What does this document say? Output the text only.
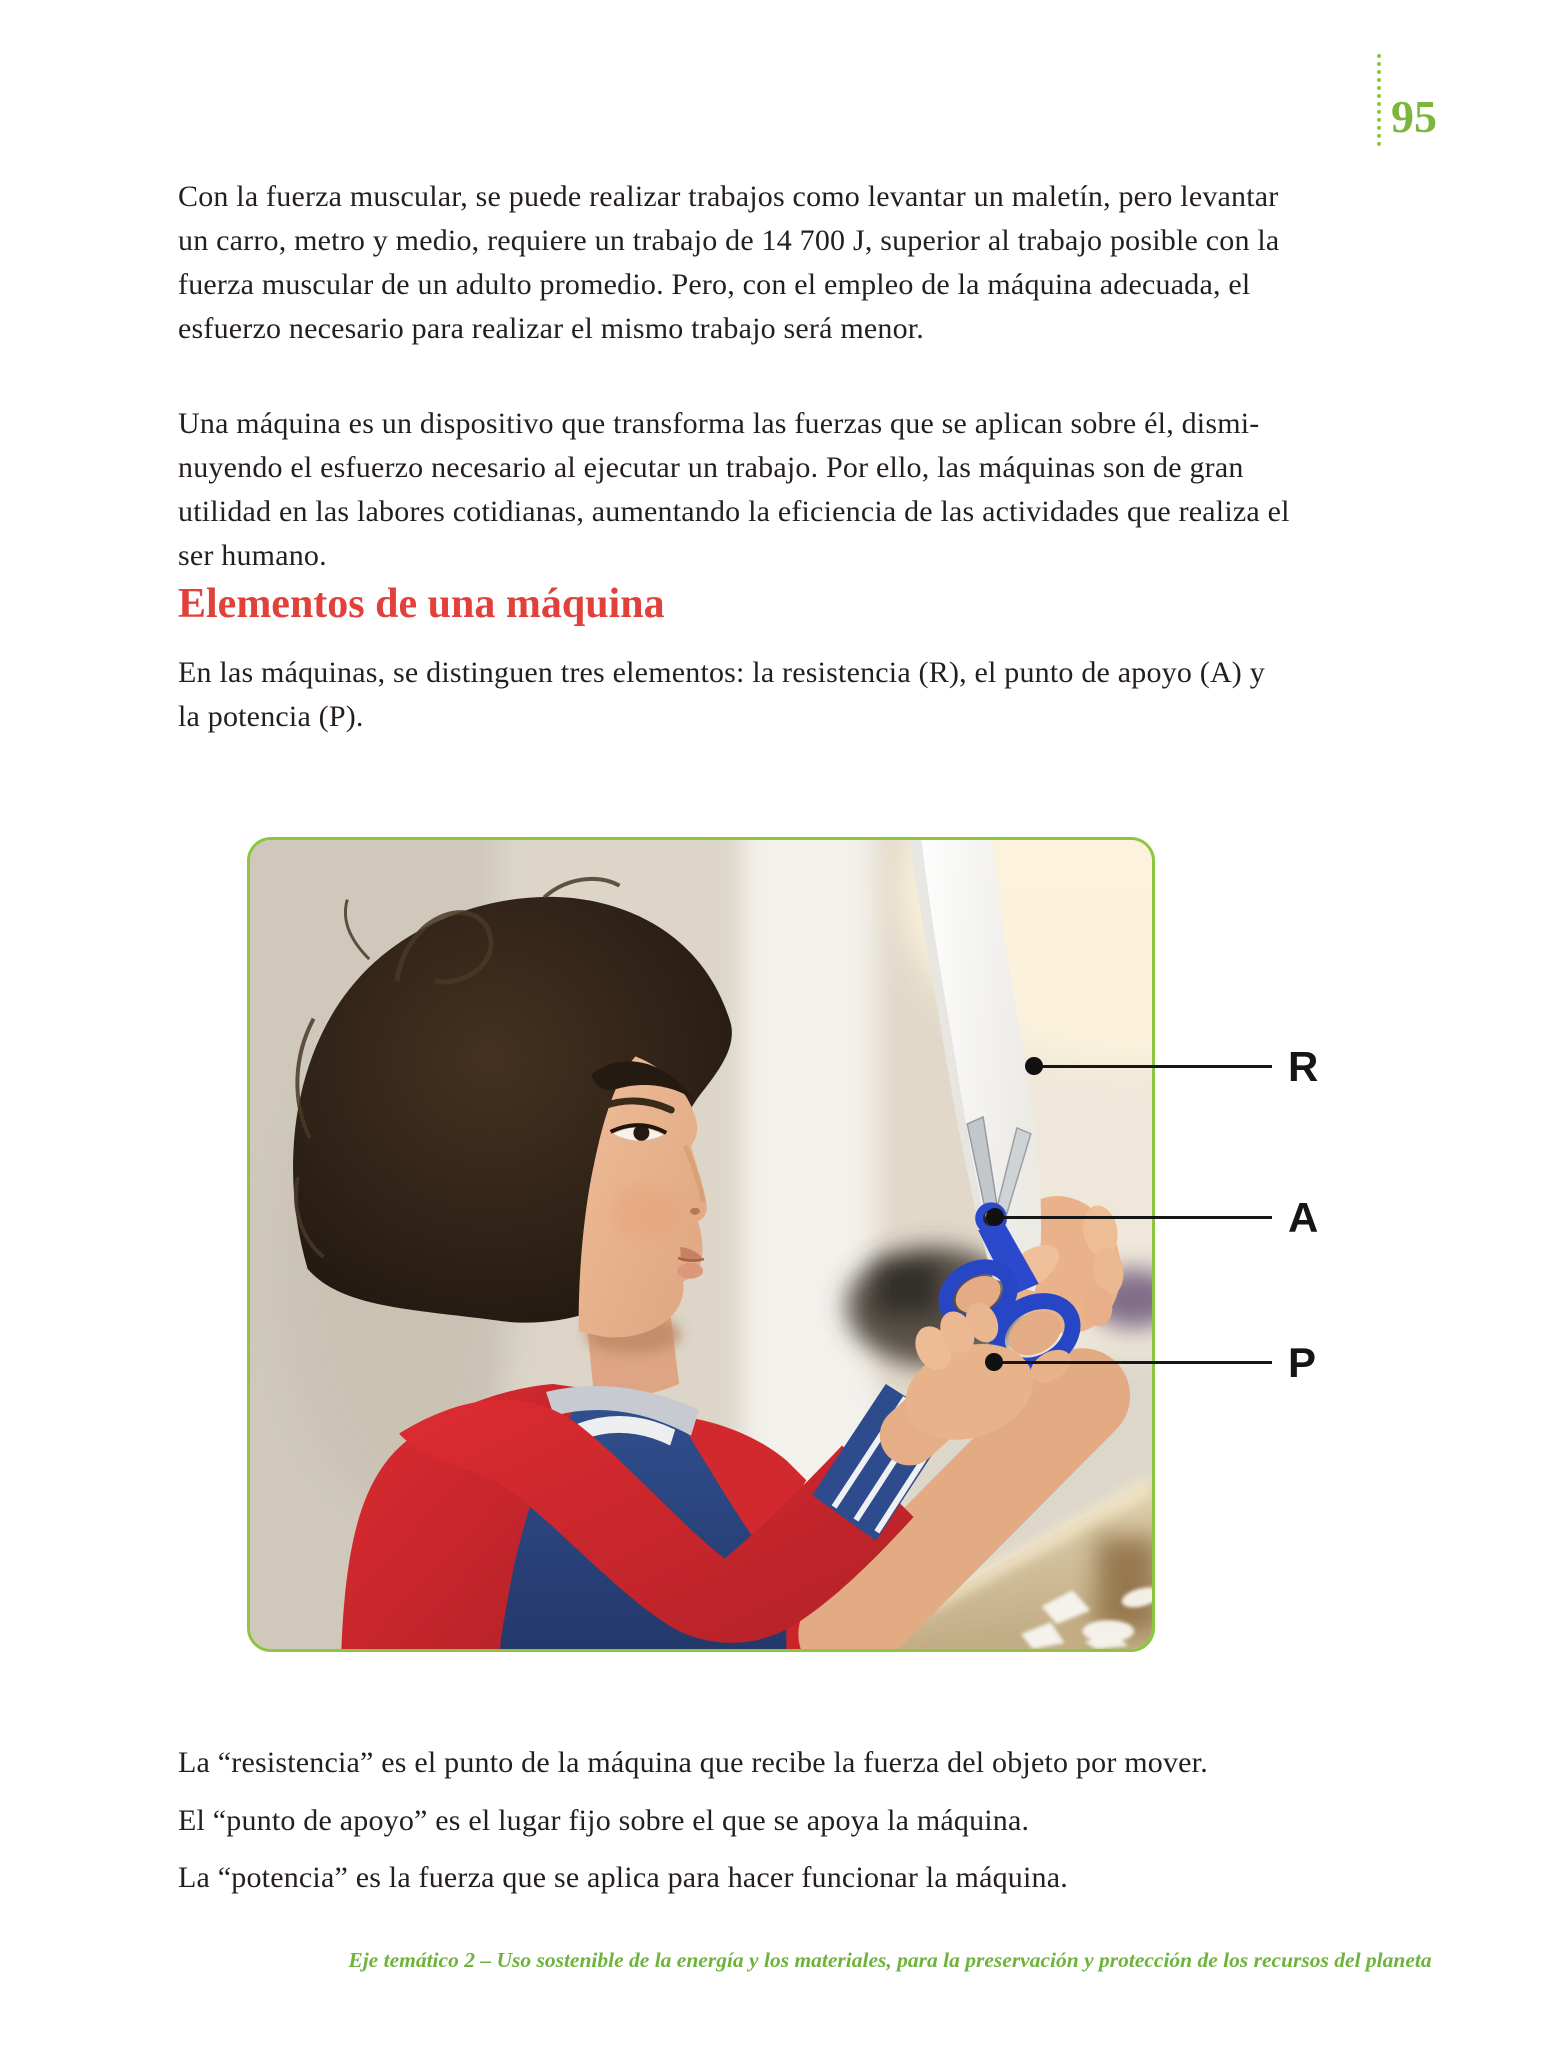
95
Con la fuerza muscular, se puede realizar trabajos como levantar un maletín, pero levantar
un carro, metro y medio, requiere un trabajo de 14 700 J, superior al trabajo posible con la
fuerza muscular de un adulto promedio. Pero, con el empleo de la máquina adecuada, el
esfuerzo necesario para realizar el mismo trabajo será menor.
Una máquina es un dispositivo que transforma las fuerzas que se aplican sobre él, dismi-
nuyendo el esfuerzo necesario al ejecutar un trabajo. Por ello, las máquinas son de gran
utilidad en las labores cotidianas, aumentando la eficiencia de las actividades que realiza el
ser humano.
Elementos de una máquina
En las máquinas, se distinguen tres elementos: la resistencia (R), el punto de apoyo (A) y
la potencia (P).
R
A
P
La “resistencia” es el punto de la máquina que recibe la fuerza del objeto por mover.
El “punto de apoyo” es el lugar fijo sobre el que se apoya la máquina.
La “potencia” es la fuerza que se aplica para hacer funcionar la máquina.
Eje temático 2 – Uso sostenible de la energía y los materiales, para la preservación y protección de los recursos del planeta
